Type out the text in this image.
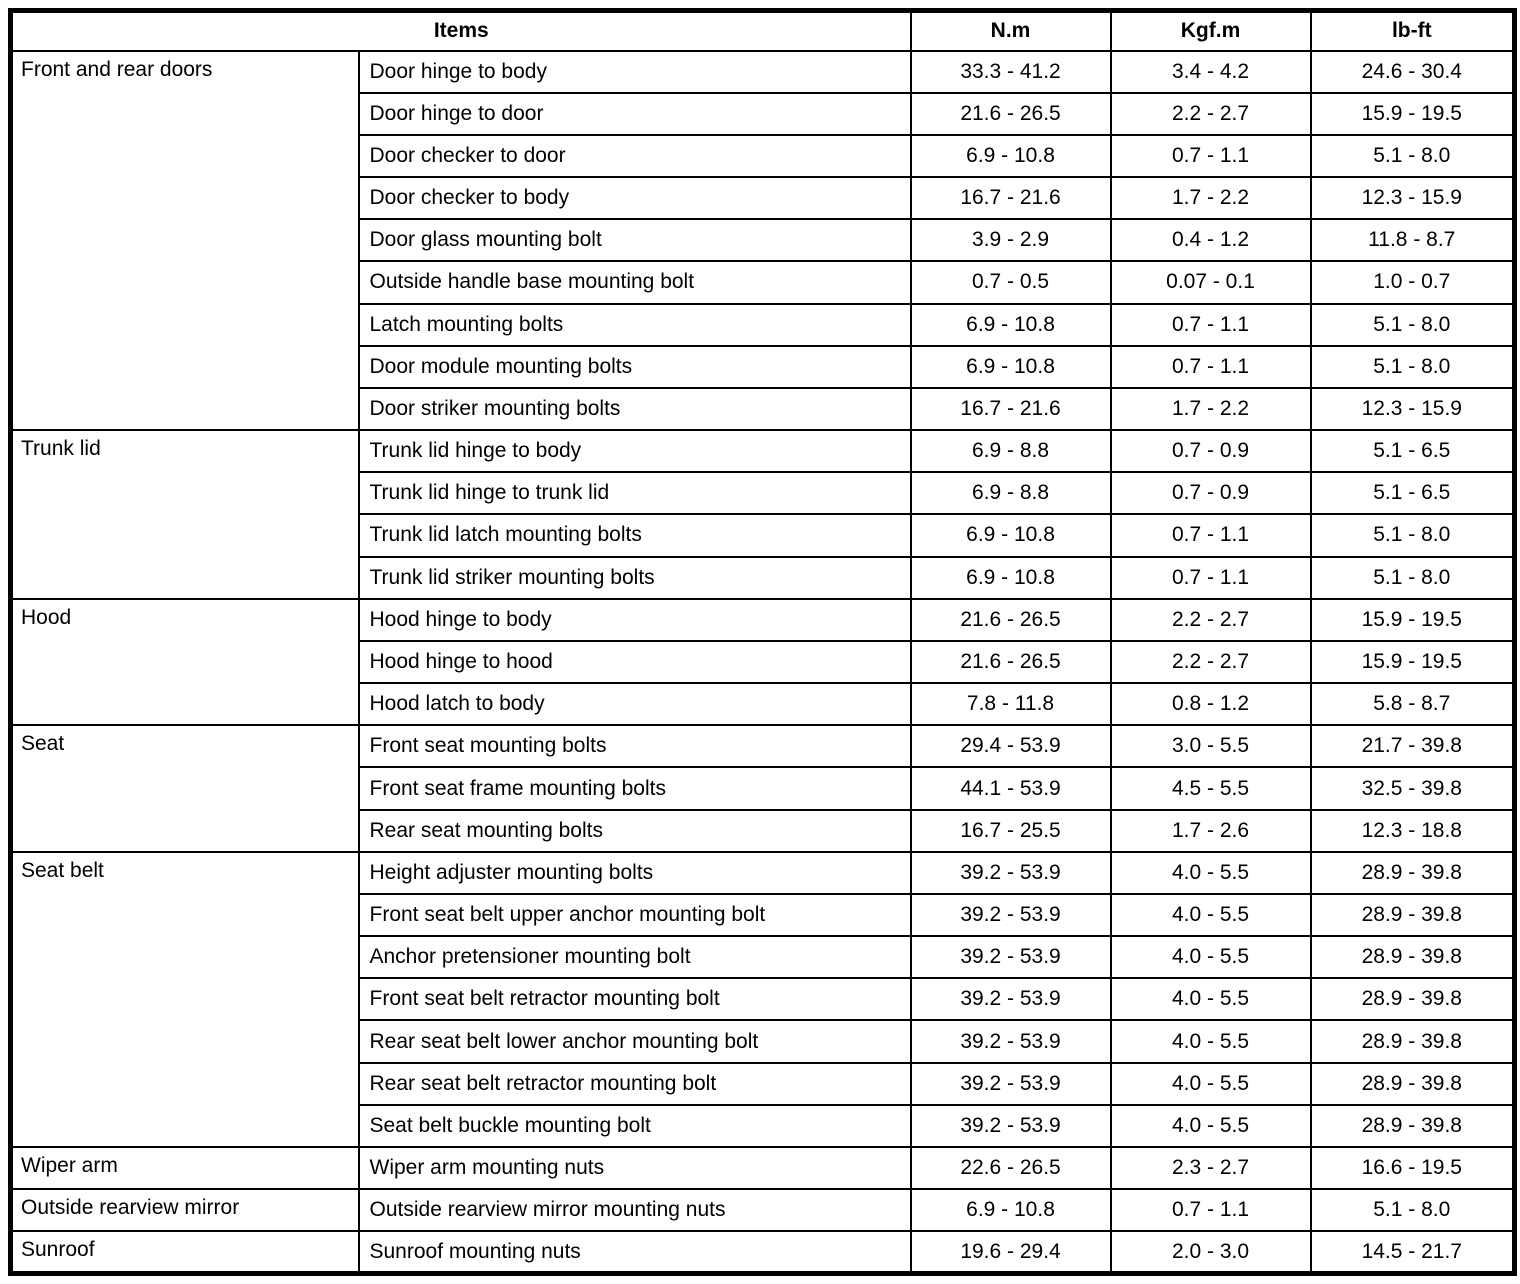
Items		N.m	Kgf.m	lb-ft
Front and rear doors	Door hinge to body	33.3 - 41.2	3.4 - 4.2	24.6 - 30.4
	Door hinge to door	21.6 - 26.5	2.2 - 2.7	15.9 - 19.5
	Door checker to door	6.9 - 10.8	0.7 - 1.1	5.1 - 8.0
	Door checker to body	16.7 - 21.6	1.7 - 2.2	12.3 - 15.9
	Door glass mounting bolt	3.9 - 2.9	0.4 - 1.2	11.8 - 8.7
	Outside handle base mounting bolt	0.7 - 0.5	0.07 - 0.1	1.0 - 0.7
	Latch mounting bolts	6.9 - 10.8	0.7 - 1.1	5.1 - 8.0
	Door module mounting bolts	6.9 - 10.8	0.7 - 1.1	5.1 - 8.0
	Door striker mounting bolts	16.7 - 21.6	1.7 - 2.2	12.3 - 15.9
Trunk lid	Trunk lid hinge to body	6.9 - 8.8	0.7 - 0.9	5.1 - 6.5
	Trunk lid hinge to trunk lid	6.9 - 8.8	0.7 - 0.9	5.1 - 6.5
	Trunk lid latch mounting bolts	6.9 - 10.8	0.7 - 1.1	5.1 - 8.0
	Trunk lid striker mounting bolts	6.9 - 10.8	0.7 - 1.1	5.1 - 8.0
Hood	Hood hinge to body	21.6 - 26.5	2.2 - 2.7	15.9 - 19.5
	Hood hinge to hood	21.6 - 26.5	2.2 - 2.7	15.9 - 19.5
	Hood latch to body	7.8 - 11.8	0.8 - 1.2	5.8 - 8.7
Seat	Front seat mounting bolts	29.4 - 53.9	3.0 - 5.5	21.7 - 39.8
	Front seat frame mounting bolts	44.1 - 53.9	4.5 - 5.5	32.5 - 39.8
	Rear seat mounting bolts	16.7 - 25.5	1.7 - 2.6	12.3 - 18.8
Seat belt	Height adjuster mounting bolts	39.2 - 53.9	4.0 - 5.5	28.9 - 39.8
	Front seat belt upper anchor mounting bolt	39.2 - 53.9	4.0 - 5.5	28.9 - 39.8
	Anchor pretensioner mounting bolt	39.2 - 53.9	4.0 - 5.5	28.9 - 39.8
	Front seat belt retractor mounting bolt	39.2 - 53.9	4.0 - 5.5	28.9 - 39.8
	Rear seat belt lower anchor mounting bolt	39.2 - 53.9	4.0 - 5.5	28.9 - 39.8
	Rear seat belt retractor mounting bolt	39.2 - 53.9	4.0 - 5.5	28.9 - 39.8
	Seat belt buckle mounting bolt	39.2 - 53.9	4.0 - 5.5	28.9 - 39.8
Wiper arm	Wiper arm mounting nuts	22.6 - 26.5	2.3 - 2.7	16.6 - 19.5
Outside rearview mirror	Outside rearview mirror mounting nuts	6.9 - 10.8	0.7 - 1.1	5.1 - 8.0
Sunroof	Sunroof mounting nuts	19.6 - 29.4	2.0 - 3.0	14.5 - 21.7
